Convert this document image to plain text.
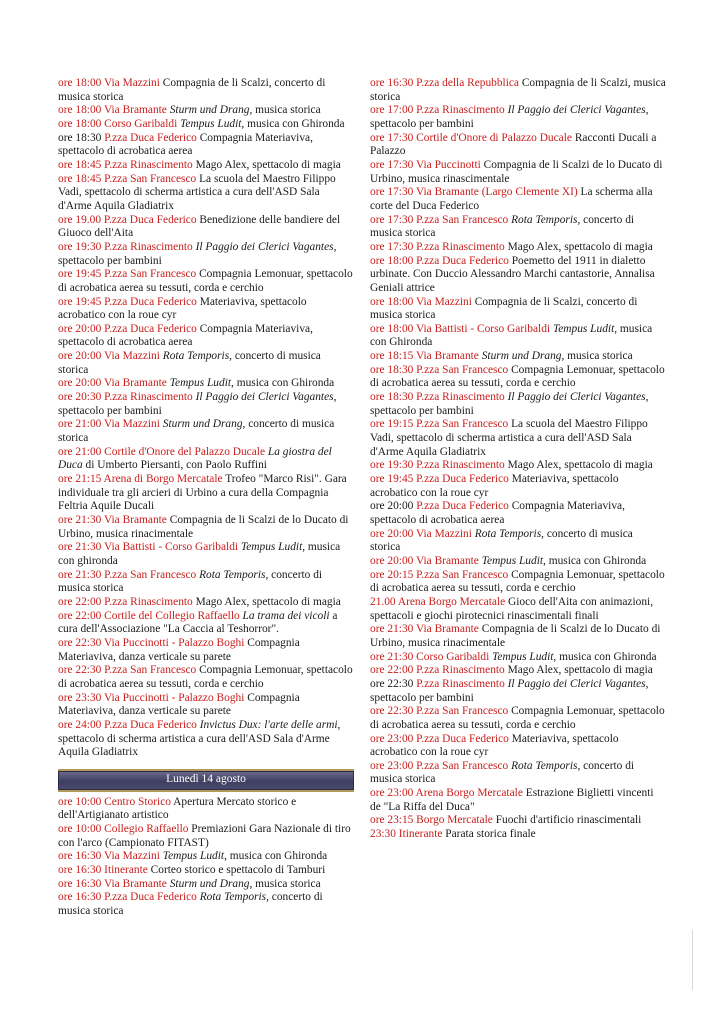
ore 18:00 Via Mazzini Compagnia de li Scalzi, concerto di musica storica

ore 18:00 Via Bramante Sturm und Drang, musica storica

ore 18:00 Corso Garibaldi Tempus Ludit, musica con Ghironda

ore 18:30 P.zza Duca Federico Compagnia Materiaviva, spettacolo di acrobatica aerea

ore 18:45 P.zza Rinascimento Mago Alex, spettacolo di magia

ore 18:45 P.zza San Francesco La scuola del Maestro Filippo Vadi, spettacolo di scherma artistica a cura dell'ASD Sala d'Arme Aquila Gladiatrix

ore 19.00 P.zza Duca Federico Benedizione delle bandiere del Giuoco dell'Aita

ore 19:30 P.zza Rinascimento Il Paggio dei Clerici Vagantes, spettacolo per bambini

ore 19:45 P.zza San Francesco Compagnia Lemonuar, spettacolo di acrobatica aerea su tessuti, corda e cerchio

ore 19:45 P.zza Duca Federico Materiaviva, spettacolo acrobatico con la roue cyr

ore 20:00 P.zza Duca Federico Compagnia Materiaviva, spettacolo di acrobatica aerea

ore 20:00 Via Mazzini Rota Temporis, concerto di musica storica

ore 20:00 Via Bramante Tempus Ludit, musica con Ghironda

ore 20:30 P.zza Rinascimento Il Paggio dei Clerici Vagantes, spettacolo per bambini

ore 21:00 Via Mazzini Sturm und Drang, concerto di musica storica

ore 21:00 Cortile d'Onore del Palazzo Ducale La giostra del Duca di Umberto Piersanti, con Paolo Ruffini

ore 21:15 Arena di Borgo Mercatale Trofeo "Marco Risi". Gara individuale tra gli arcieri di Urbino a cura della Compagnia Feltria Aquile Ducali

ore 21:30 Via Bramante Compagnia de li Scalzi de lo Ducato di Urbino, musica rinacimentale

ore 21:30 Via Battisti - Corso Garibaldi Tempus Ludit, musica con ghironda

ore 21:30 P.zza San Francesco Rota Temporis, concerto di musica storica

ore 22:00 P.zza Rinascimento Mago Alex, spettacolo di magia

ore 22:00 Cortile del Collegio Raffaello La trama dei vicoli a cura dell'Associazione "La Caccia al Teshorror".

ore 22:30 Via Puccinotti - Palazzo Boghi Compagnia Materiaviva, danza verticale su parete

ore 22:30 P.zza San Francesco Compagnia Lemonuar, spettacolo di acrobatica aerea su tessuti, corda e cerchio

ore 23:30 Via Puccinotti - Palazzo Boghi Compagnia Materiaviva, danza verticale su parete

ore 24:00 P.zza Duca Federico Invictus Dux: l'arte delle armi, spettacolo di scherma artistica a cura dell'ASD Sala d'Arme Aquila Gladiatrix

Lunedì 14 agosto

ore 10:00 Centro Storico Apertura Mercato storico e dell'Artigianato artistico

ore 10:00 Collegio Raffaello Premiazioni Gara Nazionale di tiro con l'arco (Campionato FITAST)

ore 16:30 Via Mazzini Tempus Ludit, musica con Ghironda

ore 16:30 Itinerante Corteo storico e spettacolo di Tamburi

ore 16:30 Via Bramante Sturm und Drang, musica storica

ore 16:30 P.zza Duca Federico Rota Temporis, concerto di musica storica

ore 16:30 P.zza della Repubblica Compagnia de li Scalzi, musica storica

ore 17:00 P.zza Rinascimento Il Paggio dei Clerici Vagantes, spettacolo per bambini

ore 17:30 Cortile d'Onore di Palazzo Ducale Racconti Ducali a Palazzo

ore 17:30 Via Puccinotti Compagnia de li Scalzi de lo Ducato di Urbino, musica rinascimentale

ore 17:30 Via Bramante (Largo Clemente XI) La scherma alla corte del Duca Federico

ore 17:30 P.zza San Francesco Rota Temporis, concerto di musica storica

ore 17:30 P.zza Rinascimento Mago Alex, spettacolo di magia

ore 18:00 P.zza Duca Federico Poemetto del 1911 in dialetto urbinate. Con Duccio Alessandro Marchi cantastorie, Annalisa Geniali attrice

ore 18:00 Via Mazzini Compagnia de li Scalzi, concerto di musica storica

ore 18:00 Via Battisti - Corso Garibaldi Tempus Ludit, musica con Ghironda

ore 18:15 Via Bramante Sturm und Drang, musica storica

ore 18:30 P.zza San Francesco Compagnia Lemonuar, spettacolo di acrobatica aerea su tessuti, corda e cerchio

ore 18:30 P.zza Rinascimento Il Paggio dei Clerici Vagantes, spettacolo per bambini

ore 19:15 P.zza San Francesco La scuola del Maestro Filippo Vadi, spettacolo di scherma artistica a cura dell'ASD Sala d'Arme Aquila Gladiatrix

ore 19:30 P.zza Rinascimento Mago Alex, spettacolo di magia

ore 19:45 P.zza Duca Federico Materiaviva, spettacolo acrobatico con la roue cyr

ore 20:00 P.zza Duca Federico Compagnia Materiaviva, spettacolo di acrobatica aerea

ore 20:00 Via Mazzini Rota Temporis, concerto di musica storica

ore 20:00 Via Bramante Tempus Ludit, musica con Ghironda

ore 20:15 P.zza San Francesco Compagnia Lemonuar, spettacolo di acrobatica aerea su tessuti, corda e cerchio

21.00 Arena Borgo Mercatale Gioco dell'Aita con animazioni, spettacoli e giochi pirotecnici rinascimentali finali

ore 21:30 Via Bramante Compagnia de li Scalzi de lo Ducato di Urbino, musica rinacimentale

ore 21:30 Corso Garibaldi Tempus Ludit, musica con Ghironda

ore 22:00 P.zza Rinascimento Mago Alex, spettacolo di magia

ore 22:30 P.zza Rinascimento Il Paggio dei Clerici Vagantes, spettacolo per bambini

ore 22:30 P.zza San Francesco Compagnia Lemonuar, spettacolo di acrobatica aerea su tessuti, corda e cerchio

ore 23:00 P.zza Duca Federico Materiaviva, spettacolo acrobatico con la roue cyr

ore 23:00 P.zza San Francesco Rota Temporis, concerto di musica storica

ore 23:00 Arena Borgo Mercatale Estrazione Biglietti vincenti de "La Riffa del Duca"

ore 23:15 Borgo Mercatale Fuochi d'artificio rinascimentali

23:30 Itinerante Parata storica finale
